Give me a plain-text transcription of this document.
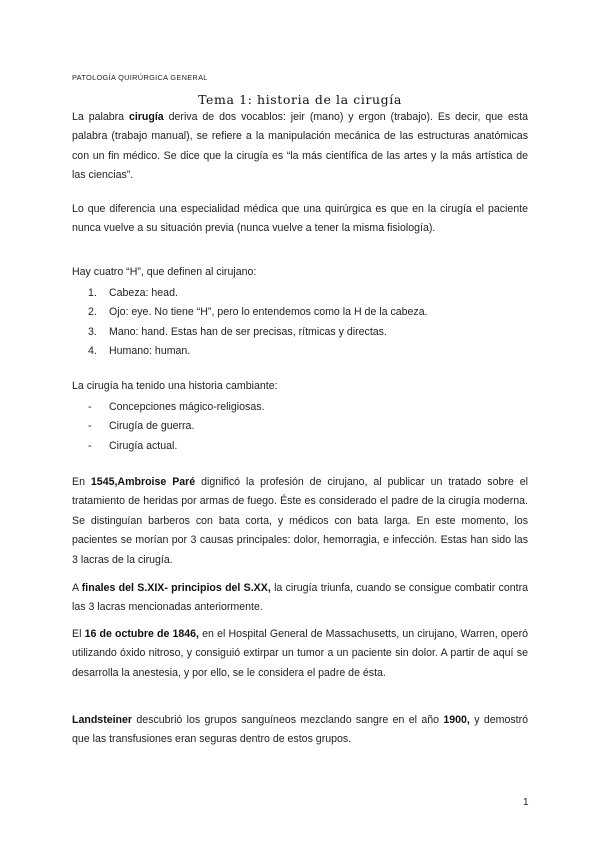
PATOLOGÍA QUIRÚRGICA GENERAL
Tema 1: historia de la cirugía

La palabra cirugía deriva de dos vocablos: jeir (mano) y ergon (trabajo). Es decir, que esta palabra (trabajo manual), se refiere a la manipulación mecánica de las estructuras anatómicas con un fin médico. Se dice que la cirugía es “la más científica de las artes y la más artística de las ciencias”.

Lo que diferencia una especialidad médica que una quirúrgica es que en la cirugía el paciente nunca vuelve a su situación previa (nunca vuelve a tener la misma fisiología).

Hay cuatro “H”, que definen al cirujano:

1. Cabeza: head.
2. Ojo: eye. No tiene “H”, pero lo entendemos como la H de la cabeza.
3. Mano: hand. Estas han de ser precisas, rítmicas y directas.
4. Humano: human.

La cirugía ha tenido una historia cambiante:

- Concepciones mágico-religiosas.
- Cirugía de guerra.
- Cirugía actual.

En 1545,Ambroise Paré dignificó la profesión de cirujano, al publicar un tratado sobre el tratamiento de heridas por armas de fuego. Éste es considerado el padre de la cirugía moderna. Se distinguían barberos con bata corta, y médicos con bata larga. En este momento, los pacientes se morían por 3 causas principales: dolor, hemorragia, e infección. Estas han sido las 3 lacras de la cirugía.

A finales del S.XIX- principios del S.XX, la cirugía triunfa, cuando se consigue combatir contra las 3 lacras mencionadas anteriormente.

El 16 de octubre de 1846, en el Hospital General de Massachusetts, un cirujano, Warren, operó utilizando óxido nitroso, y consiguió extirpar un tumor a un paciente sin dolor. A partir de aquí se desarrolla la anestesia, y por ello, se le considera el padre de ésta.

Landsteiner descubrió los grupos sanguíneos mezclando sangre en el año 1900, y demostró que las transfusiones eran seguras dentro de estos grupos.

1
